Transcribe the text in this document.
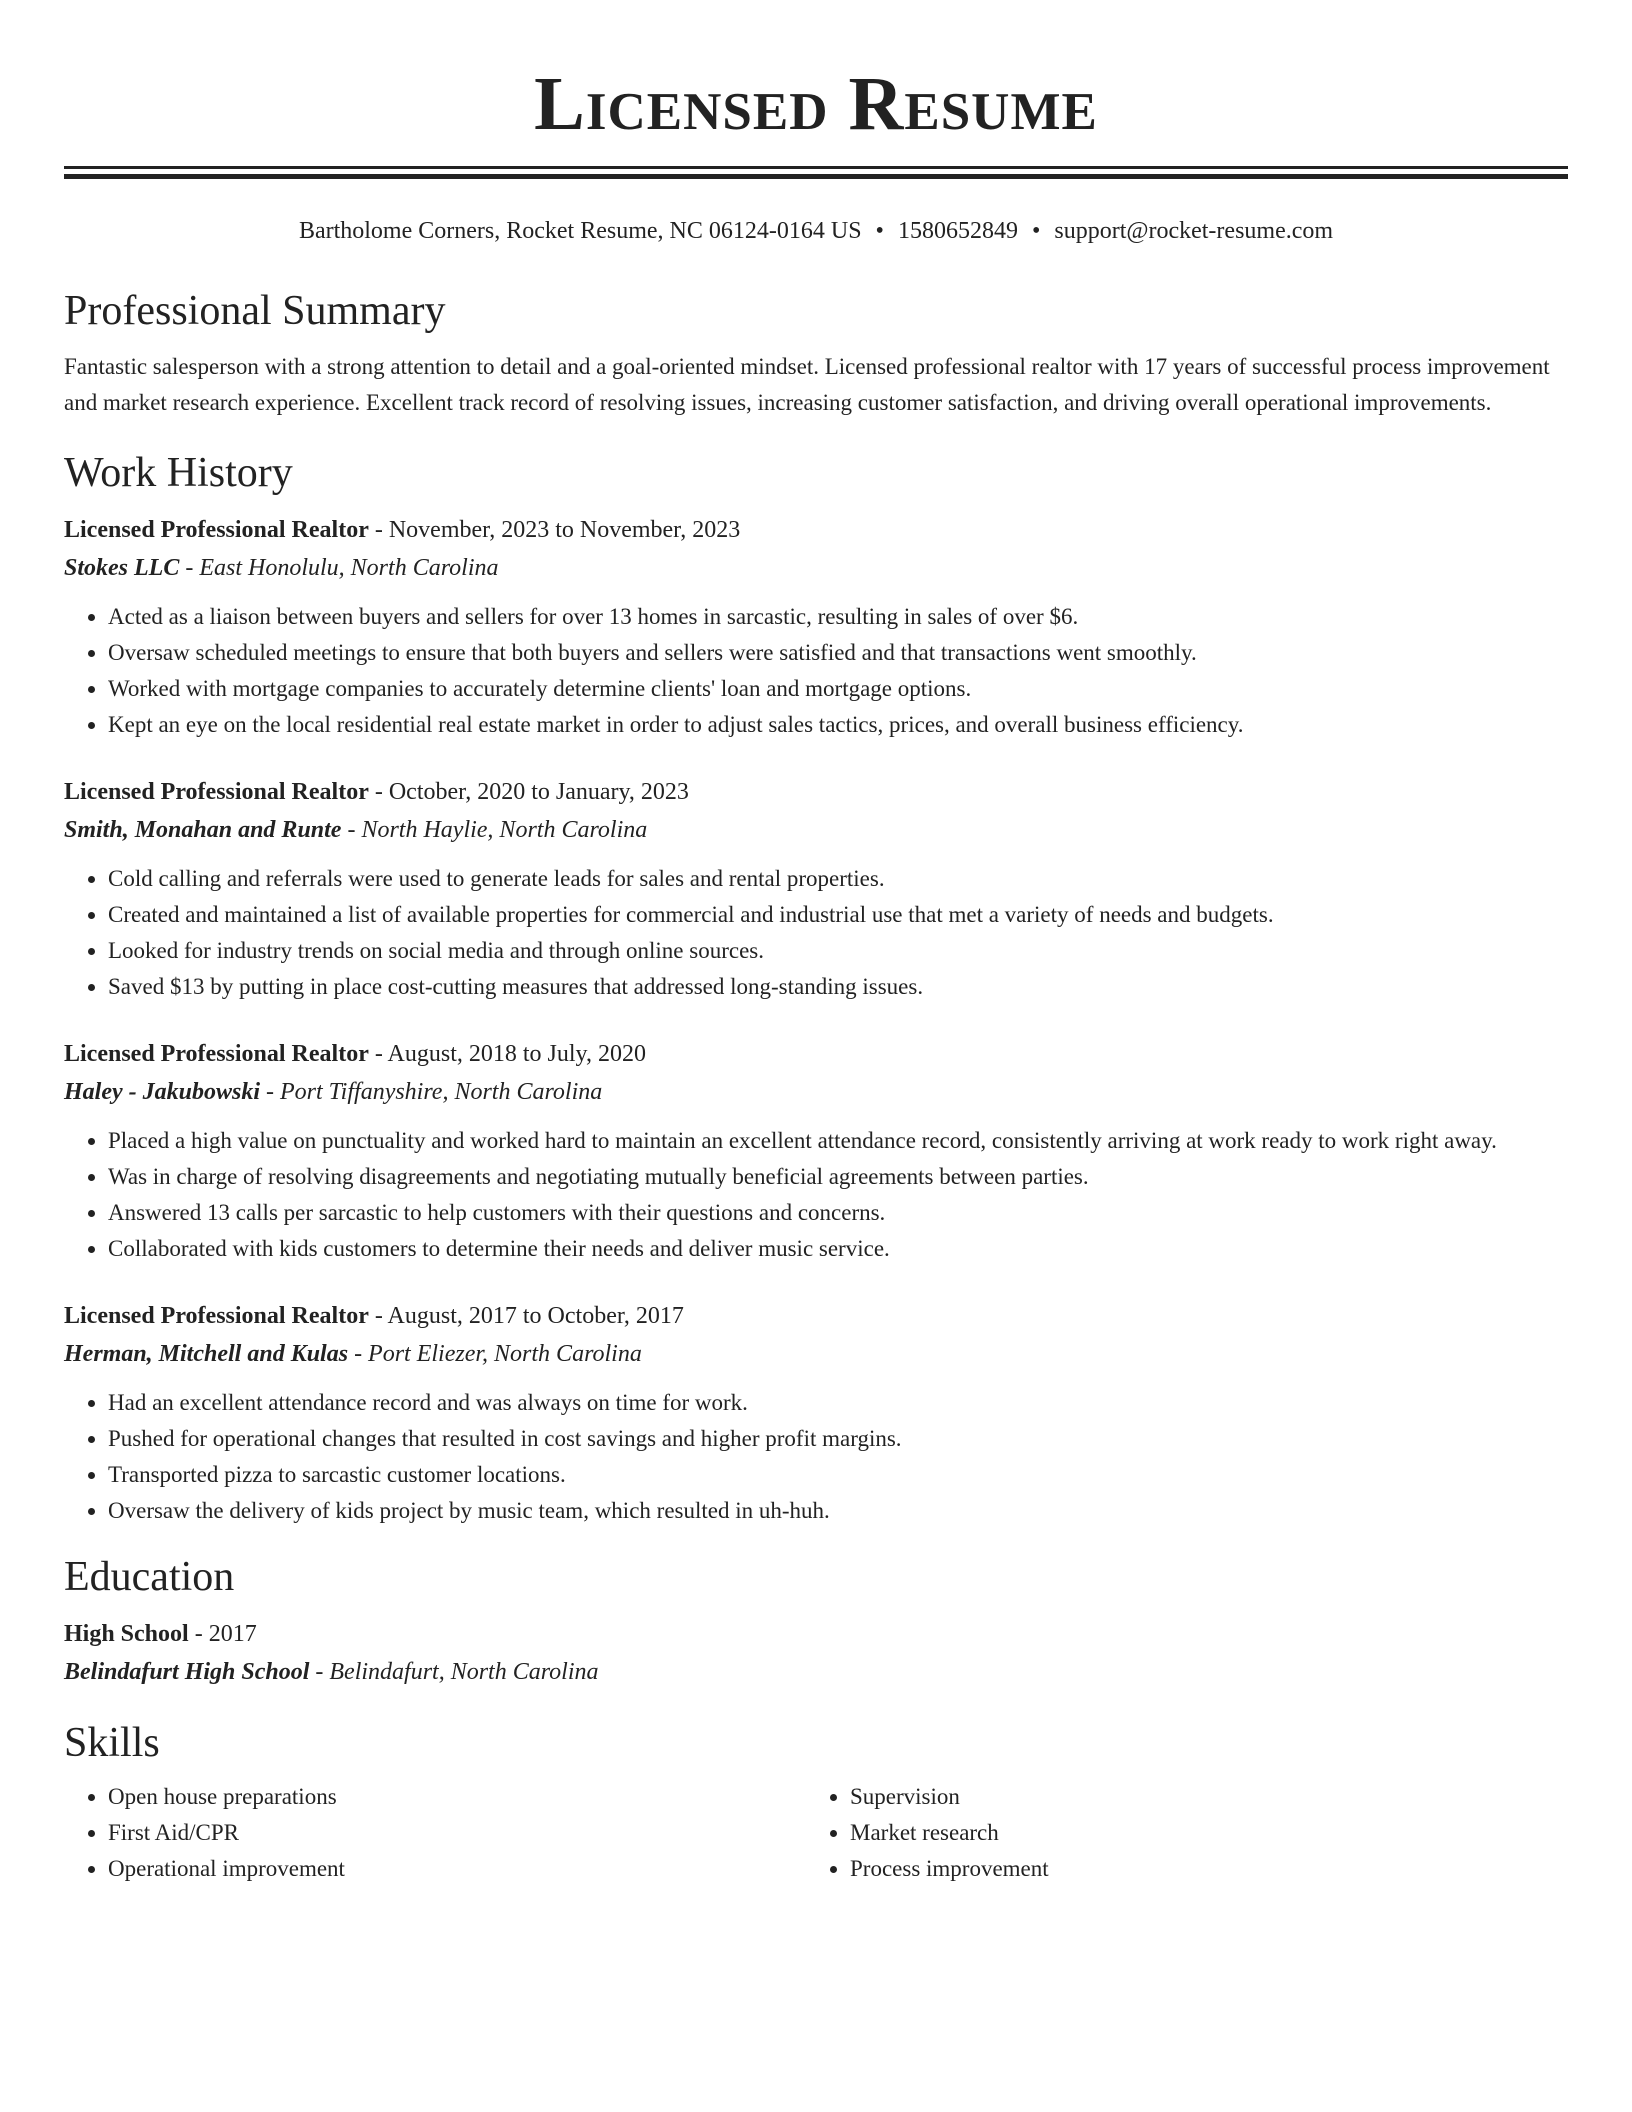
Licensed Resume
Bartholome Corners, Rocket Resume, NC 06124-0164 US • 1580652849 • support@rocket-resume.com
Professional Summary

Fantastic salesperson with a strong attention to detail and a goal-oriented mindset. Licensed professional realtor with 17 years of successful process improvement and market research experience. Excellent track record of resolving issues, increasing customer satisfaction, and driving overall operational improvements.

Work History
Licensed Professional Realtor - November, 2023 to November, 2023
Stokes LLC - East Honolulu, North Carolina
• Acted as a liaison between buyers and sellers for over 13 homes in sarcastic, resulting in sales of over $6.
• Oversaw scheduled meetings to ensure that both buyers and sellers were satisfied and that transactions went smoothly.
• Worked with mortgage companies to accurately determine clients' loan and mortgage options.
• Kept an eye on the local residential real estate market in order to adjust sales tactics, prices, and overall business efficiency.
Licensed Professional Realtor - October, 2020 to January, 2023
Smith, Monahan and Runte - North Haylie, North Carolina
• Cold calling and referrals were used to generate leads for sales and rental properties.
• Created and maintained a list of available properties for commercial and industrial use that met a variety of needs and budgets.
• Looked for industry trends on social media and through online sources.
• Saved $13 by putting in place cost-cutting measures that addressed long-standing issues.
Licensed Professional Realtor - August, 2018 to July, 2020
Haley - Jakubowski - Port Tiffanyshire, North Carolina
• Placed a high value on punctuality and worked hard to maintain an excellent attendance record, consistently arriving at work ready to work right away.
• Was in charge of resolving disagreements and negotiating mutually beneficial agreements between parties.
• Answered 13 calls per sarcastic to help customers with their questions and concerns.
• Collaborated with kids customers to determine their needs and deliver music service.
Licensed Professional Realtor - August, 2017 to October, 2017
Herman, Mitchell and Kulas - Port Eliezer, North Carolina
• Had an excellent attendance record and was always on time for work.
• Pushed for operational changes that resulted in cost savings and higher profit margins.
• Transported pizza to sarcastic customer locations.
• Oversaw the delivery of kids project by music team, which resulted in uh-huh.
Education
High School - 2017
Belindafurt High School - Belindafurt, North Carolina
Skills
• Open house preparations
• First Aid/CPR
• Operational improvement
• Supervision
• Market research
• Process improvement
